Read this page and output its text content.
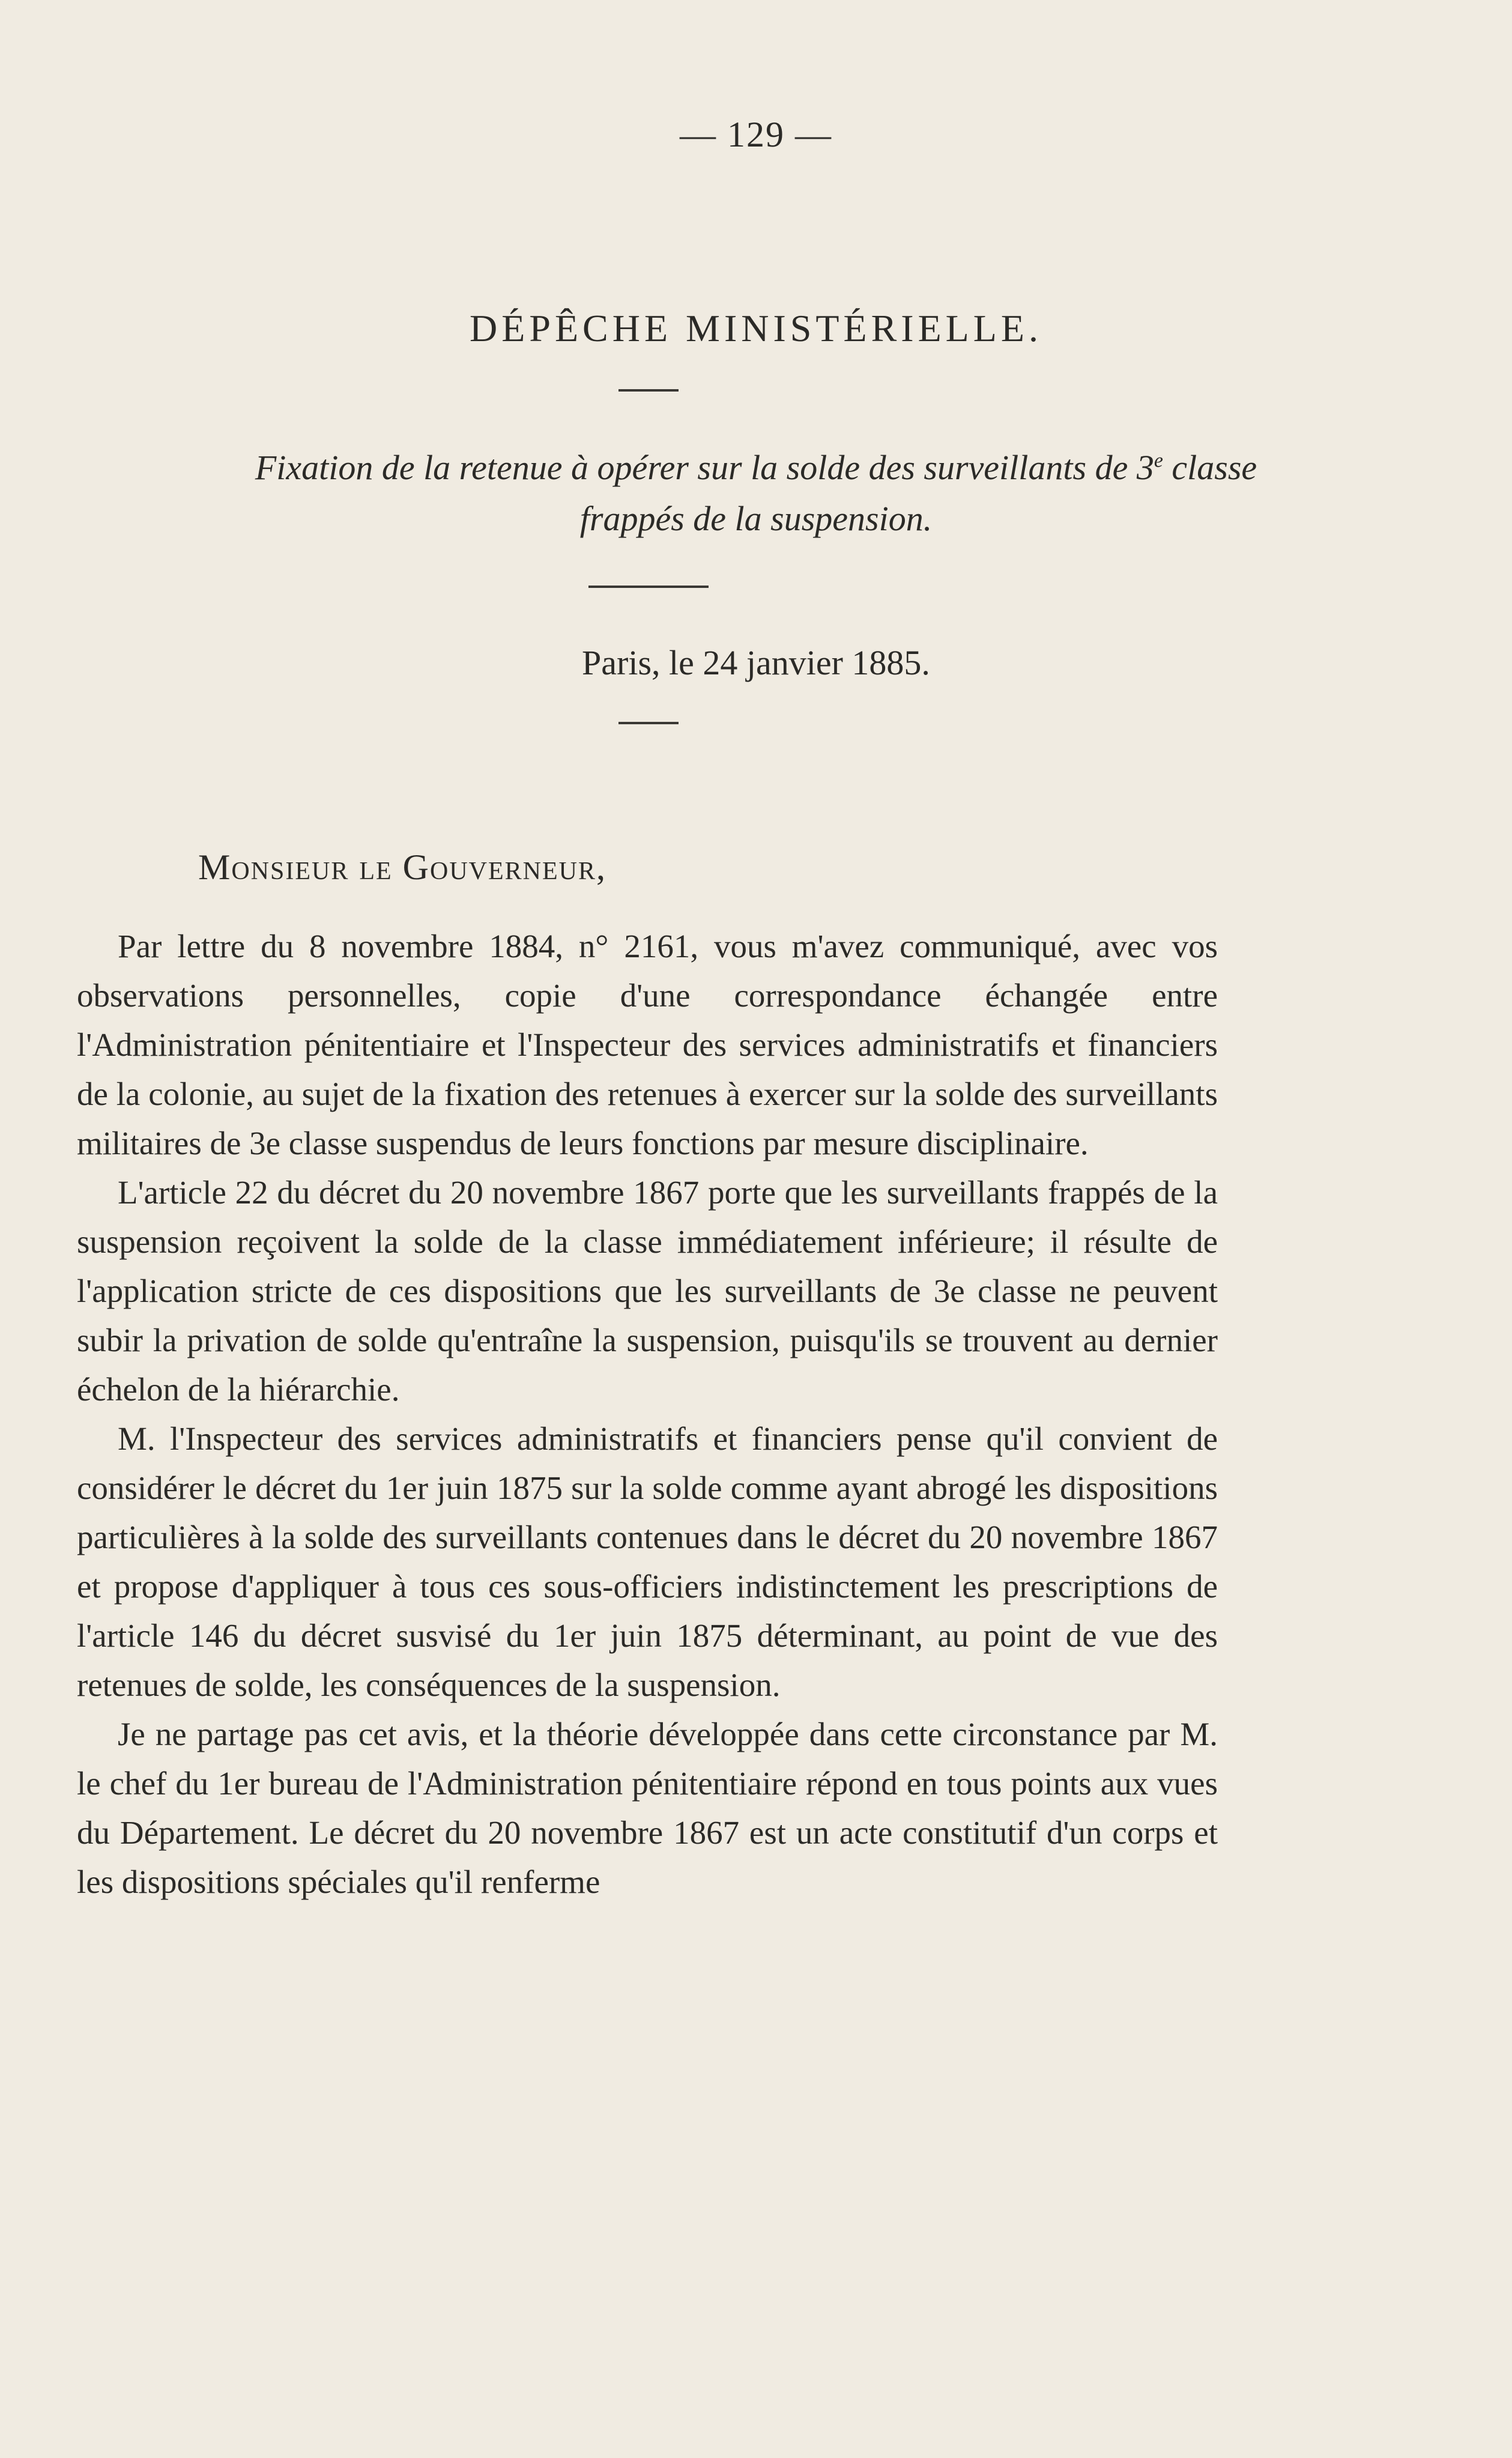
— 129 —
DÉPÊCHE MINISTÉRIELLE.
Fixation de la retenue à opérer sur la solde des surveillants de 3e classe
frappés de la suspension.
Paris, le 24 janvier 1885.
Monsieur le Gouverneur,

Par lettre du 8 novembre 1884, n° 2161, vous m'avez communiqué, avec vos observations personnelles, copie d'une correspondance échangée entre l'Administration pénitentiaire et l'Inspecteur des services administratifs et financiers de la colonie, au sujet de la fixation des retenues à exercer sur la solde des surveillants militaires de 3e classe suspendus de leurs fonctions par mesure disciplinaire.

L'article 22 du décret du 20 novembre 1867 porte que les surveillants frappés de la suspension reçoivent la solde de la classe immédiatement inférieure; il résulte de l'application stricte de ces dispositions que les surveillants de 3e classe ne peuvent subir la privation de solde qu'entraîne la suspension, puisqu'ils se trouvent au dernier échelon de la hiérarchie.

M. l'Inspecteur des services administratifs et financiers pense qu'il convient de considérer le décret du 1er juin 1875 sur la solde comme ayant abrogé les dispositions particulières à la solde des surveillants contenues dans le décret du 20 novembre 1867 et propose d'appliquer à tous ces sous-officiers indistinctement les prescriptions de l'article 146 du décret susvisé du 1er juin 1875 déterminant, au point de vue des retenues de solde, les conséquences de la suspension.

Je ne partage pas cet avis, et la théorie développée dans cette circonstance par M. le chef du 1er bureau de l'Administration pénitentiaire répond en tous points aux vues du Département. Le décret du 20 novembre 1867 est un acte constitutif d'un corps et les dispositions spéciales qu'il renferme
